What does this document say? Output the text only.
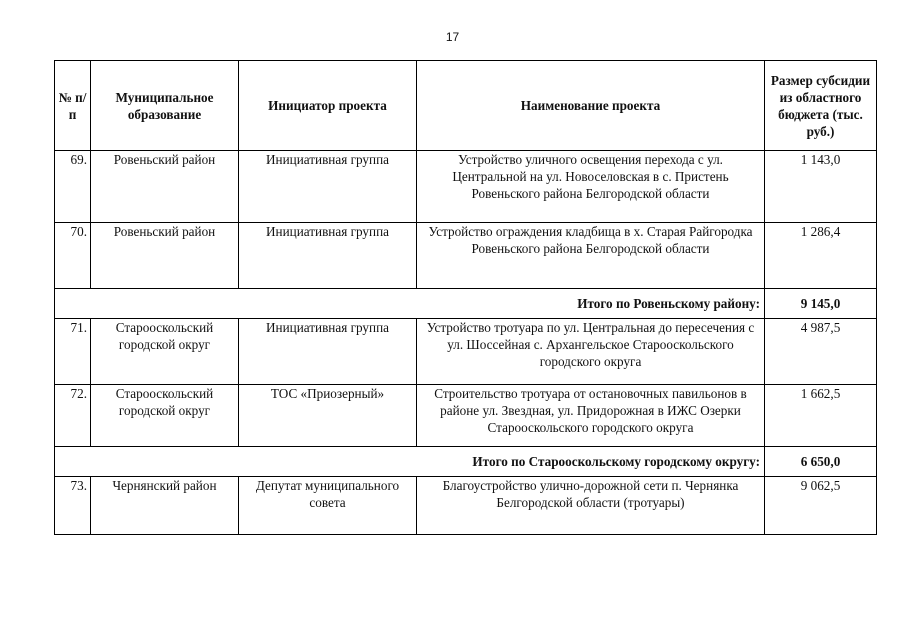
17
№ п/п	Муниципальное образование	Инициатор проекта	Наименование проекта	Размер субсидии из областного бюджета (тыс. руб.)
69.	Ровеньский район	Инициативная группа	Устройство уличного освещения перехода с ул. Центральной на ул. Новоселовская в с. Пристень Ровеньского района Белгородской области	1 143,0
70.	Ровеньский район	Инициативная группа	Устройство ограждения кладбища в х. Старая Райгородка Ровеньского района Белгородской области	1 286,4
Итого по Ровеньскому району:				9 145,0
71.	Старооскольский городской округ	Инициативная группа	Устройство тротуара по ул. Центральная до пересечения с ул. Шоссейная с. Архангельское Старооскольского городского округа	4 987,5
72.	Старооскольский городской округ	ТОС «Приозерный»	Строительство тротуара от остановочных павильонов в районе ул. Звездная, ул. Придорожная в ИЖС Озерки Старооскольского городского округа	1 662,5
Итого по Старооскольскому городскому округу:				6 650,0
73.	Чернянский район	Депутат муниципального совета	Благоустройство улично-дорожной сети п. Чернянка Белгородской области (тротуары)	9 062,5
